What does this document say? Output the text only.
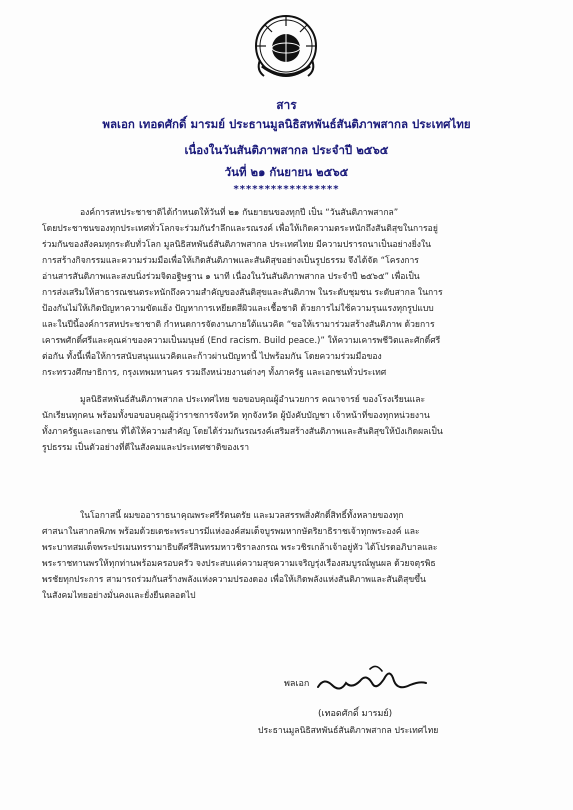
สาร
พลเอก เทอดศักดิ์ มารมย์ ประธานมูลนิธิสหพันธ์สันติภาพสากล ประเทศไทย
เนื่องในวันสันติภาพสากล ประจำปี ๒๕๖๕
วันที่ ๒๑ กันยายน ๒๕๖๕
*****************
องค์การสหประชาชาติได้กำหนดให้วันที่ ๒๑ กันยายนของทุกปี เป็น “วันสันติภาพสากล”
โดยประชาชนของทุกประเทศทั่วโลกจะร่วมกันรำลึกและรณรงค์ เพื่อให้เกิดความตระหนักถึงสันติสุขในการอยู่
ร่วมกันของสังคมทุกระดับทั่วโลก มูลนิธิสหพันธ์สันติภาพสากล ประเทศไทย มีความปรารถนาเป็นอย่างยิ่งใน
การสร้างกิจกรรมและความร่วมมือเพื่อให้เกิดสันติภาพและสันติสุขอย่างเป็นรูปธรรม จึงได้จัด “โครงการ
อ่านสารสันติภาพและสงบนิ่งร่วมจิตอฐิษฐาน ๑ นาที เนื่องในวันสันติภาพสากล ประจำปี ๒๕๖๕” เพื่อเป็น
การส่งเสริมให้สาธารณชนตระหนักถึงความสำคัญของสันติสุขและสันติภาพ ในระดับชุมชน ระดับสากล ในการ
ป้องกันไม่ให้เกิดปัญหาความขัดแย้ง ปัญหาการเหยียดสีผิวและเชื้อชาติ ด้วยการไม่ใช้ความรุนแรงทุกรูปแบบ
และในปีนี้องค์การสหประชาชาติ กำหนดการจัดงานภายใต้แนวคิด “ขอให้เรามาร่วมสร้างสันติภาพ ด้วยการ
เคารพศักดิ์ศรีและคุณค่าของความเป็นมนุษย์ (End racism. Build peace.)” ให้ความเคารพชีวิตและศักดิ์ศรี
ต่อกัน ทั้งนี้เพื่อให้การสนับสนุนแนวคิดและก้าวผ่านปัญหานี้ ไปพร้อมกัน โดยความร่วมมือของ
กระทรวงศึกษาธิการ, กรุงเทพมหานคร รวมถึงหน่วยงานต่างๆ ทั้งภาครัฐ และเอกชนทั่วประเทศ
มูลนิธิสหพันธ์สันติภาพสากล ประเทศไทย ขอขอบคุณผู้อำนวยการ คณาจารย์ ของโรงเรียนและ
นักเรียนทุกคน พร้อมทั้งขอขอบคุณผู้ว่าราชการจังหวัด ทุกจังหวัด ผู้บังคับบัญชา เจ้าหน้าที่ของทุกหน่วยงาน
ทั้งภาครัฐและเอกชน ที่ได้ให้ความสำคัญ โดยได้ร่วมกันรณรงค์เสริมสร้างสันติภาพและสันติสุขให้บังเกิดผลเป็น
รูปธรรม เป็นตัวอย่างที่ดีในสังคมและประเทศชาติของเรา
ในโอกาสนี้ ผมขออาราธนาคุณพระศรีรัตนตรัย และมวลสรรพสิ่งศักดิ์สิทธิ์ทั้งหลายของทุก
ศาสนาในสากลพิภพ พร้อมด้วยเดชะพระบารมีแห่งองค์สมเด็จบูรพมหากษัตริยาธิราชเจ้าทุกพระองค์ และ
พระบาทสมเด็จพระปรเมนทรรามาธิบดีศรีสินทรมหาวชิราลงกรณ พระวชิรเกล้าเจ้าอยู่หัว ได้โปรดอภิบาลและ
พระราชทานพรให้ทุกท่านพร้อมครอบครัว จงประสบแต่ความสุขความเจริญรุ่งเรืองสมบูรณ์พูนผล ด้วยจตุรพิธ
พรชัยทุกประการ สามารถร่วมกันสร้างพลังแห่งความปรองดอง เพื่อให้เกิดพลังแห่งสันติภาพและสันติสุขขึ้น
ในสังคมไทยอย่างมั่นคงและยั่งยืนตลอดไป
พลเอก
(เทอดศักดิ์ มารมย์)
ประธานมูลนิธิสหพันธ์สันติภาพสากล ประเทศไทย
